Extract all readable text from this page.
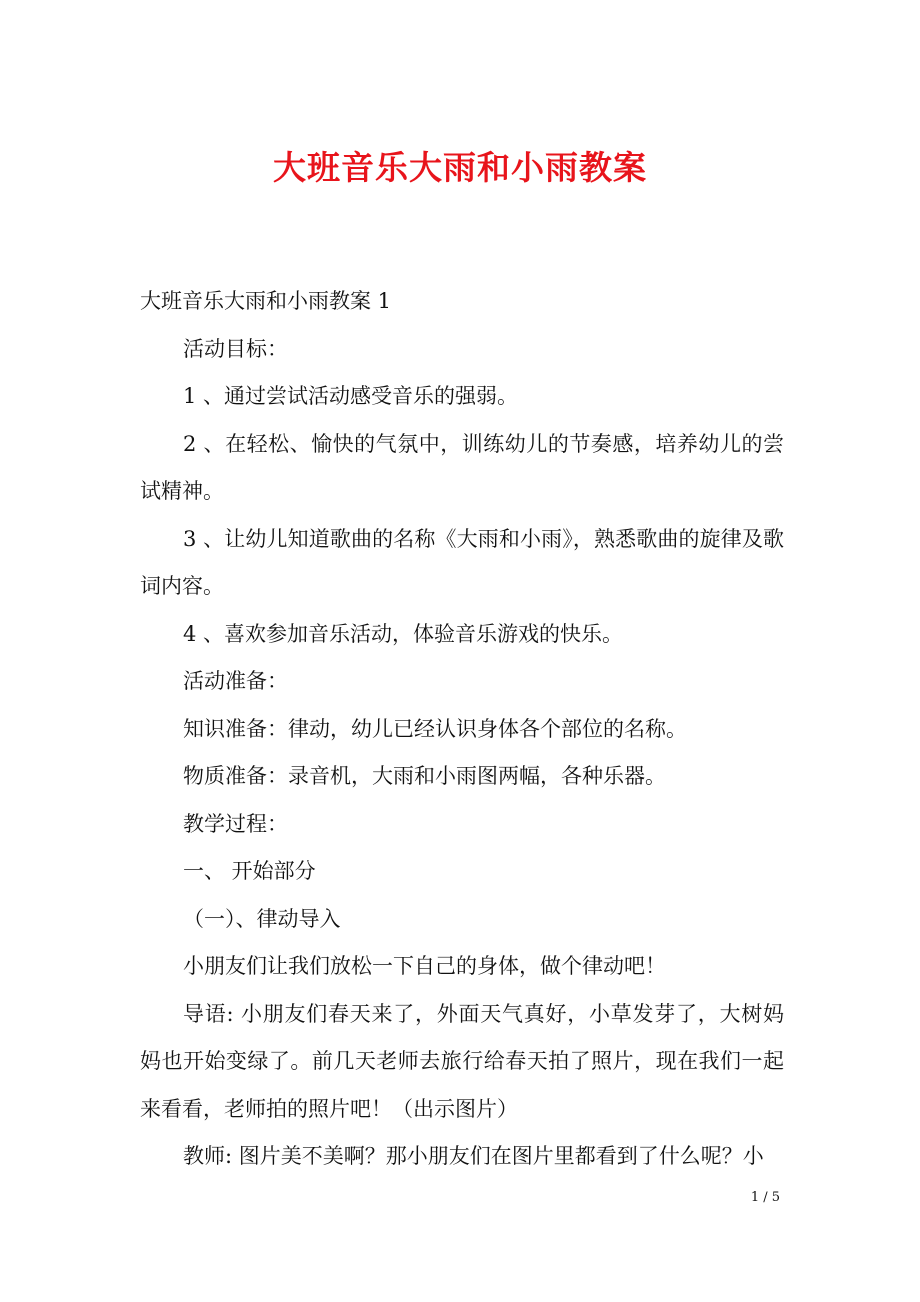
大班音乐大雨和小雨教案

大班音乐大雨和小雨教案 1

活动目标：

1 、通过尝试活动感受音乐的强弱。

2 、在轻松、愉快的气氛中，训练幼儿的节奏感，培养幼儿的尝试精神。

3 、让幼儿知道歌曲的名称《大雨和小雨》，熟悉歌曲的旋律及歌词内容。

4 、喜欢参加音乐活动，体验音乐游戏的快乐。

活动准备：

知识准备：律动，幼儿已经认识身体各个部位的名称。

物质准备：录音机，大雨和小雨图两幅，各种乐器。

教学过程：

一、 开始部分

（一）、律动导入

小朋友们让我们放松一下自己的身体，做个律动吧！

导语: 小朋友们春天来了，外面天气真好，小草发芽了，大树妈妈也开始变绿了。前几天老师去旅行给春天拍了照片，现在我们一起来看看，老师拍的照片吧！（出示图片）

教师: 图片美不美啊？那小朋友们在图片里都看到了什么呢？小

1 / 5
